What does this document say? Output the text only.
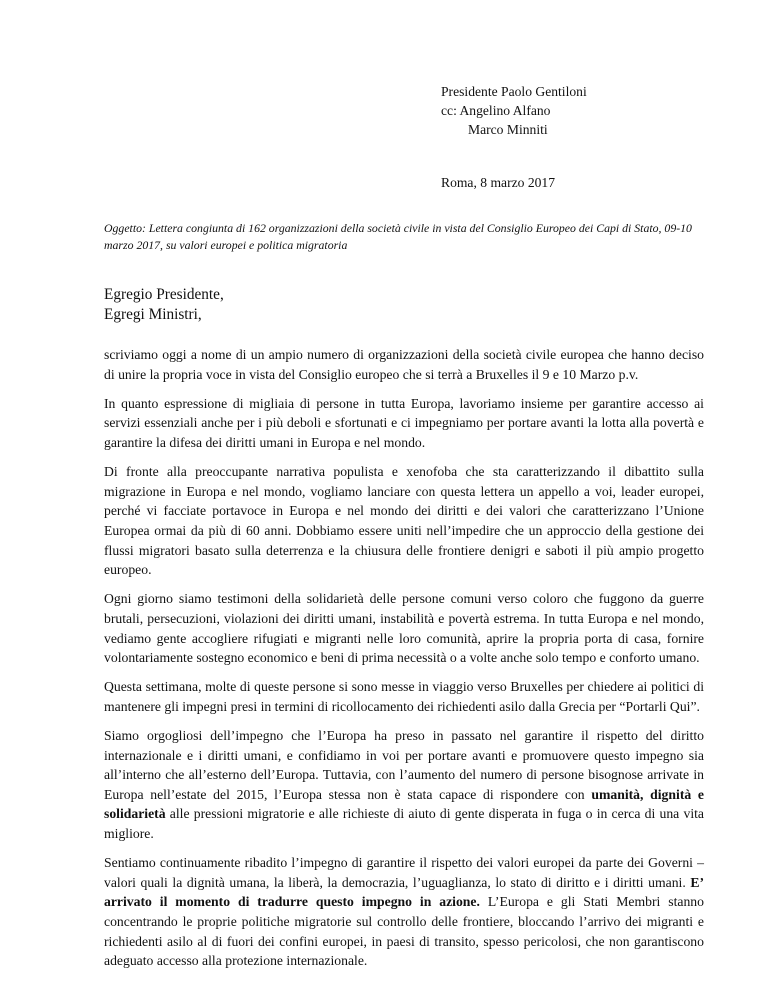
Presidente Paolo Gentiloni
cc: Angelino Alfano
Marco Minniti
Roma, 8 marzo 2017
Oggetto: Lettera congiunta di 162 organizzazioni della società civile in vista del Consiglio Europeo dei Capi di Stato, 09-10 marzo 2017, su valori europei e politica migratoria
Egregio Presidente,
Egregi Ministri,

scriviamo oggi a nome di un ampio numero di organizzazioni della società civile europea che hanno deciso di unire la propria voce in vista del Consiglio europeo che si terrà a Bruxelles il 9 e 10 Marzo p.v.

In quanto espressione di migliaia di persone in tutta Europa, lavoriamo insieme per garantire accesso ai servizi essenziali anche per i più deboli e sfortunati e ci impegniamo per portare avanti la lotta alla povertà e garantire la difesa dei diritti umani in Europa e nel mondo.

Di fronte alla preoccupante narrativa populista e xenofoba che sta caratterizzando il dibattito sulla migrazione in Europa e nel mondo, vogliamo lanciare con questa lettera un appello a voi, leader europei, perché vi facciate portavoce in Europa e nel mondo dei diritti e dei valori che caratterizzano l’Unione Europea ormai da più di 60 anni. Dobbiamo essere uniti nell’impedire che un approccio della gestione dei flussi migratori basato sulla deterrenza e la chiusura delle frontiere denigri e saboti il più ampio progetto europeo.

Ogni giorno siamo testimoni della solidarietà delle persone comuni verso coloro che fuggono da guerre brutali, persecuzioni, violazioni dei diritti umani, instabilità e povertà estrema. In tutta Europa e nel mondo, vediamo gente accogliere rifugiati e migranti nelle loro comunità, aprire la propria porta di casa, fornire volontariamente sostegno economico e beni di prima necessità o a volte anche solo tempo e conforto umano.

Questa settimana, molte di queste persone si sono messe in viaggio verso Bruxelles per chiedere ai politici di mantenere gli impegni presi in termini di ricollocamento dei richiedenti asilo dalla Grecia per “Portarli Qui”.

Siamo orgogliosi dell’impegno che l’Europa ha preso in passato nel garantire il rispetto del diritto internazionale e i diritti umani, e confidiamo in voi per portare avanti e promuovere questo impegno sia all’interno che all’esterno dell’Europa. Tuttavia, con l’aumento del numero di persone bisognose arrivate in Europa nell’estate del 2015, l’Europa stessa non è stata capace di rispondere con umanità, dignità e solidarietà alle pressioni migratorie e alle richieste di aiuto di gente disperata in fuga o in cerca di una vita migliore.

Sentiamo continuamente ribadito l’impegno di garantire il rispetto dei valori europei da parte dei Governi – valori quali la dignità umana, la liberà, la democrazia, l’uguaglianza, lo stato di diritto e i diritti umani. E’ arrivato il momento di tradurre questo impegno in azione. L’Europa e gli Stati Membri stanno concentrando le proprie politiche migratorie sul controllo delle frontiere, bloccando l’arrivo dei migranti e richiedenti asilo al di fuori dei confini europei, in paesi di transito, spesso pericolosi, che non garantiscono adeguato accesso alla protezione internazionale.
